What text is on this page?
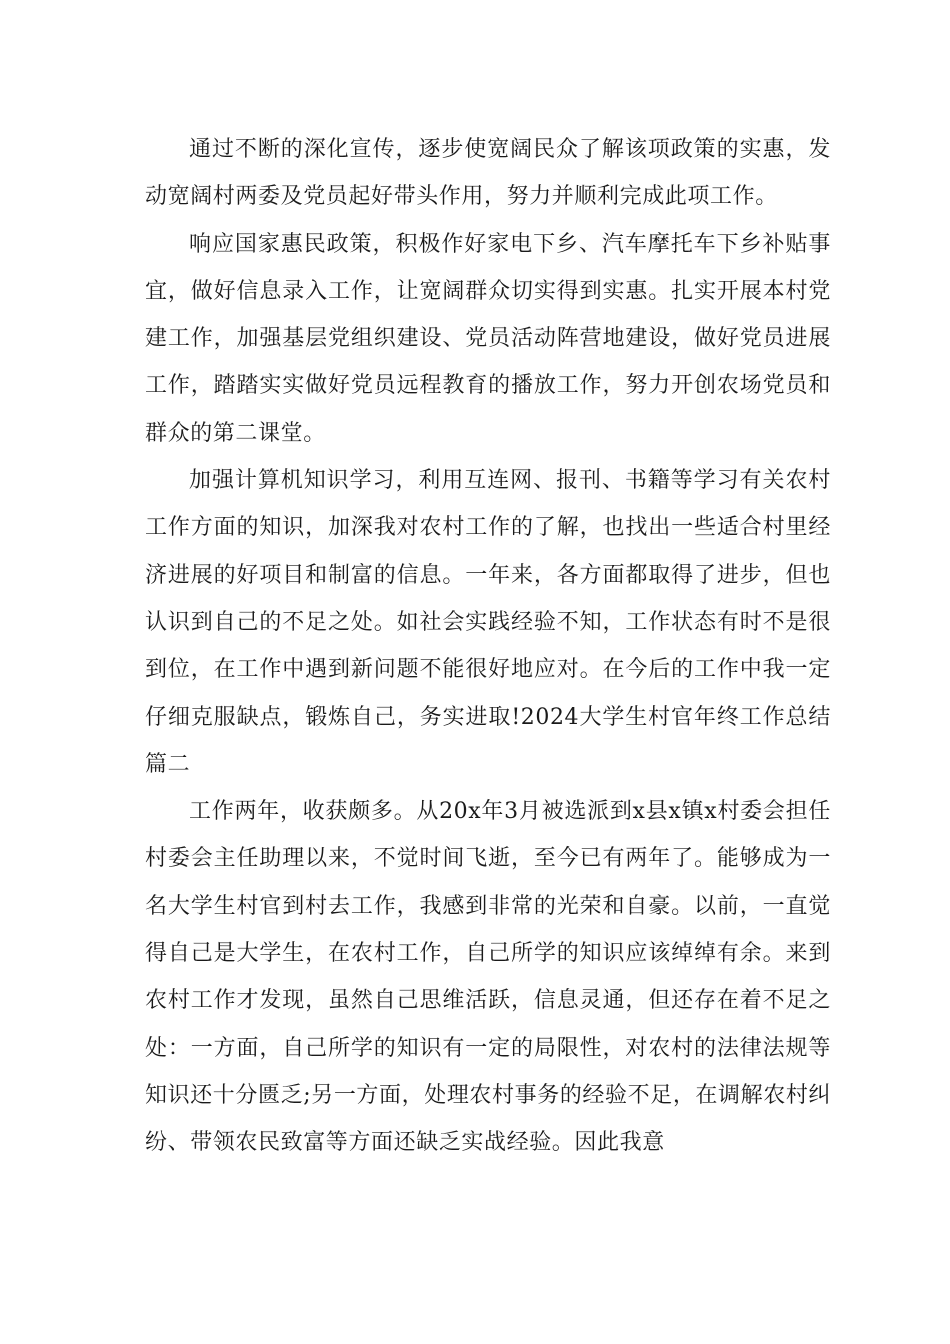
通过不断的深化宣传，逐步使宽阔民众了解该项政策的实惠，发动宽阔村两委及党员起好带头作用，努力并顺利完成此项工作。

响应国家惠民政策，积极作好家电下乡、汽车摩托车下乡补贴事宜，做好信息录入工作，让宽阔群众切实得到实惠。扎实开展本村党建工作，加强基层党组织建设、党员活动阵营地建设，做好党员进展工作，踏踏实实做好党员远程教育的播放工作，努力开创农场党员和群众的第二课堂。

加强计算机知识学习，利用互连网、报刊、书籍等学习有关农村工作方面的知识，加深我对农村工作的了解，也找出一些适合村里经济进展的好项目和制富的信息。一年来，各方面都取得了进步，但也认识到自己的不足之处。如社会实践经验不知，工作状态有时不是很到位，在工作中遇到新问题不能很好地应对。在今后的工作中我一定仔细克服缺点，锻炼自己，务实进取!2024大学生村官年终工作总结篇二

工作两年，收获颇多。从20x年3月被选派到x县x镇x村委会担任村委会主任助理以来，不觉时间飞逝，至今已有两年了。能够成为一名大学生村官到村去工作，我感到非常的光荣和自豪。以前，一直觉得自己是大学生，在农村工作，自己所学的知识应该绰绰有余。来到农村工作才发现，虽然自己思维活跃，信息灵通，但还存在着不足之处：一方面，自己所学的知识有一定的局限性，对农村的法律法规等知识还十分匮乏;另一方面，处理农村事务的经验不足，在调解农村纠纷、带领农民致富等方面还缺乏实战经验。因此我意
